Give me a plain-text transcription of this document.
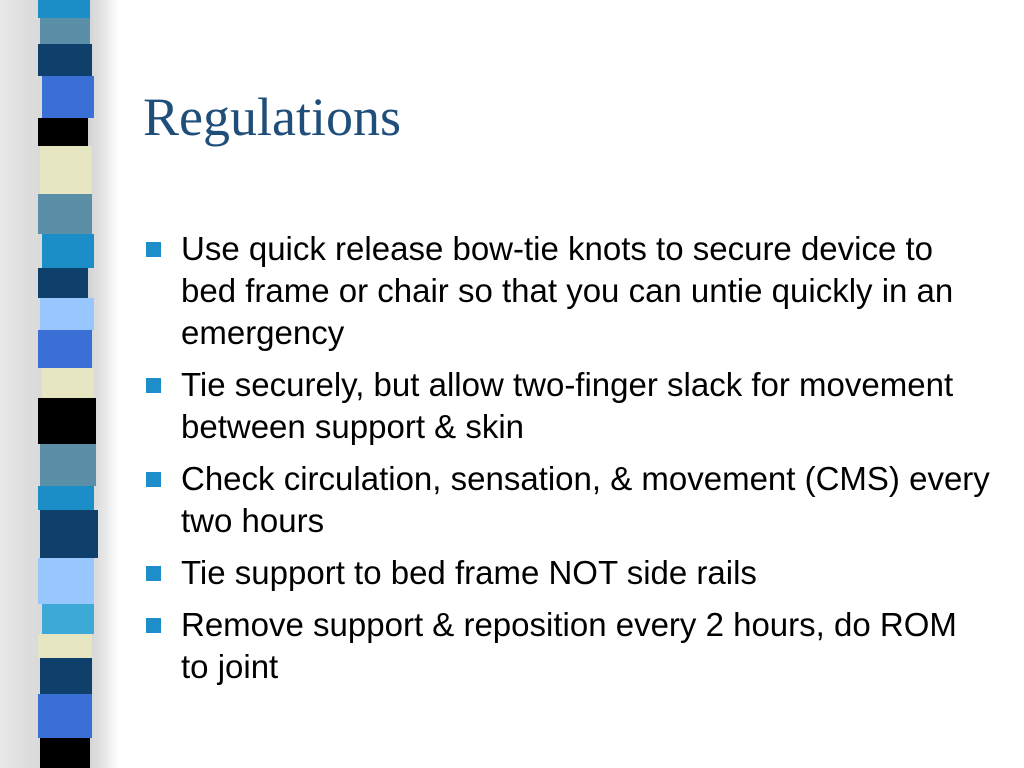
Regulations
Use quick release bow-tie knots to secure device to bed frame or chair so that you can untie quickly in an emergency
Tie securely, but allow two-finger slack for movement between support & skin
Check circulation, sensation, & movement (CMS) every two hours
Tie support to bed frame NOT side rails
Remove support & reposition every 2 hours, do ROM to joint
